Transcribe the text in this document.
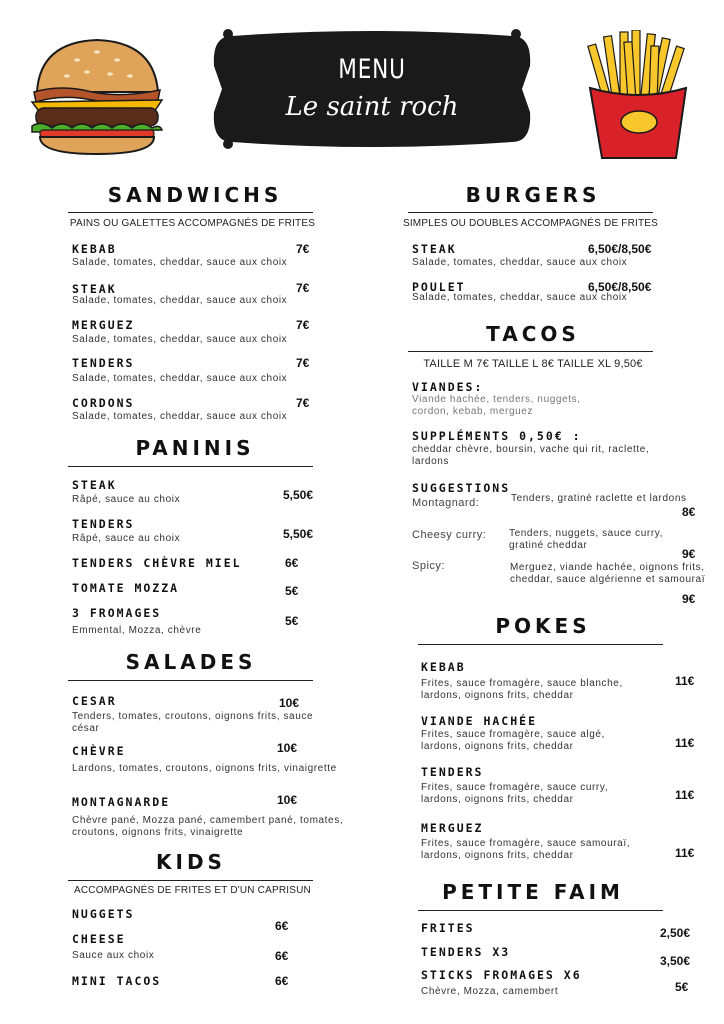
MENU
Le saint roch
SANDWICHS
PAINS OU GALETTES ACCOMPAGNÉS DE FRITES
KEBAB
Salade, tomates, cheddar, sauce aux choix
7€
STEAK
Salade, tomates, cheddar, sauce aux choix
7€
MERGUEZ
Salade, tomates, cheddar, sauce aux choix
7€
TENDERS
Salade, tomates, cheddar, sauce aux choix
7€
CORDONS
Salade, tomates, cheddar, sauce aux choix
7€
PANINIS
STEAK
Râpé, sauce au choix	5,50€
TENDERS
Râpé, sauce au choix	5,50€
TENDERS CHÈVRE MIEL	6€
TOMATE MOZZA	5€
3 FROMAGES
Emmental, Mozza, chèvre
5€
SALADES
CESAR
Tenders, tomates, croutons, oignons frits, sauce césar
10€
CHÈVRE
Lardons, tomates, croutons, oignons frits, vinaigrette
10€
MONTAGNARDE
Chèvre pané, Mozza pané, camembert pané, tomates, croutons, oignons frits, vinaigrette
10€
KIDS
ACCOMPAGNÉS DE FRITES ET D'UN CAPRISUN
NUGGETS
6€
CHEESE
Sauce aux choix	6€
MINI TACOS	6€
BURGERS
SIMPLES OU DOUBLES ACCOMPAGNÉS DE FRITES
STEAK
Salade, tomates, cheddar, sauce aux choix
6,50€/8,50€
POULET
Salade, tomates, cheddar, sauce aux choix
6,50€/8,50€
TACOS
TAILLE M 7€ TAILLE L 8€ TAILLE XL 9,50€
VIANDES:
Viande hachée, tenders, nuggets, cordon, kebab, merguez
SUPPLÉMENTS 0,50€ :
cheddar chèvre, boursin, vache qui rit, raclette, lardons
SUGGESTIONS
Montagnard:	Tenders, gratiné raclette et lardons
8€
Cheesy curry: Tenders, nuggets, sauce curry, gratiné cheddar
9€
Spicy:	Merguez, viande hachée, oignons frits, cheddar, sauce algérienne et samouraï
9€
POKES
KEBAB
Frites, sauce fromagère, sauce blanche, lardons, oignons frits, cheddar
11€
VIANDE HACHÉE
Frites, sauce fromagère, sauce algé, lardons, oignons frits, cheddar	11€
TENDERS
Frites, sauce fromagère, sauce curry, lardons, oignons frits, cheddar	11€
MERGUEZ
Frites, sauce fromagère, sauce samouraï, lardons, oignons frits, cheddar	11€
PETITE FAIM
FRITES	2,50€
TENDERS X3
3,50€
STICKS FROMAGES X6
Chèvre, Mozza, camembert	5€
